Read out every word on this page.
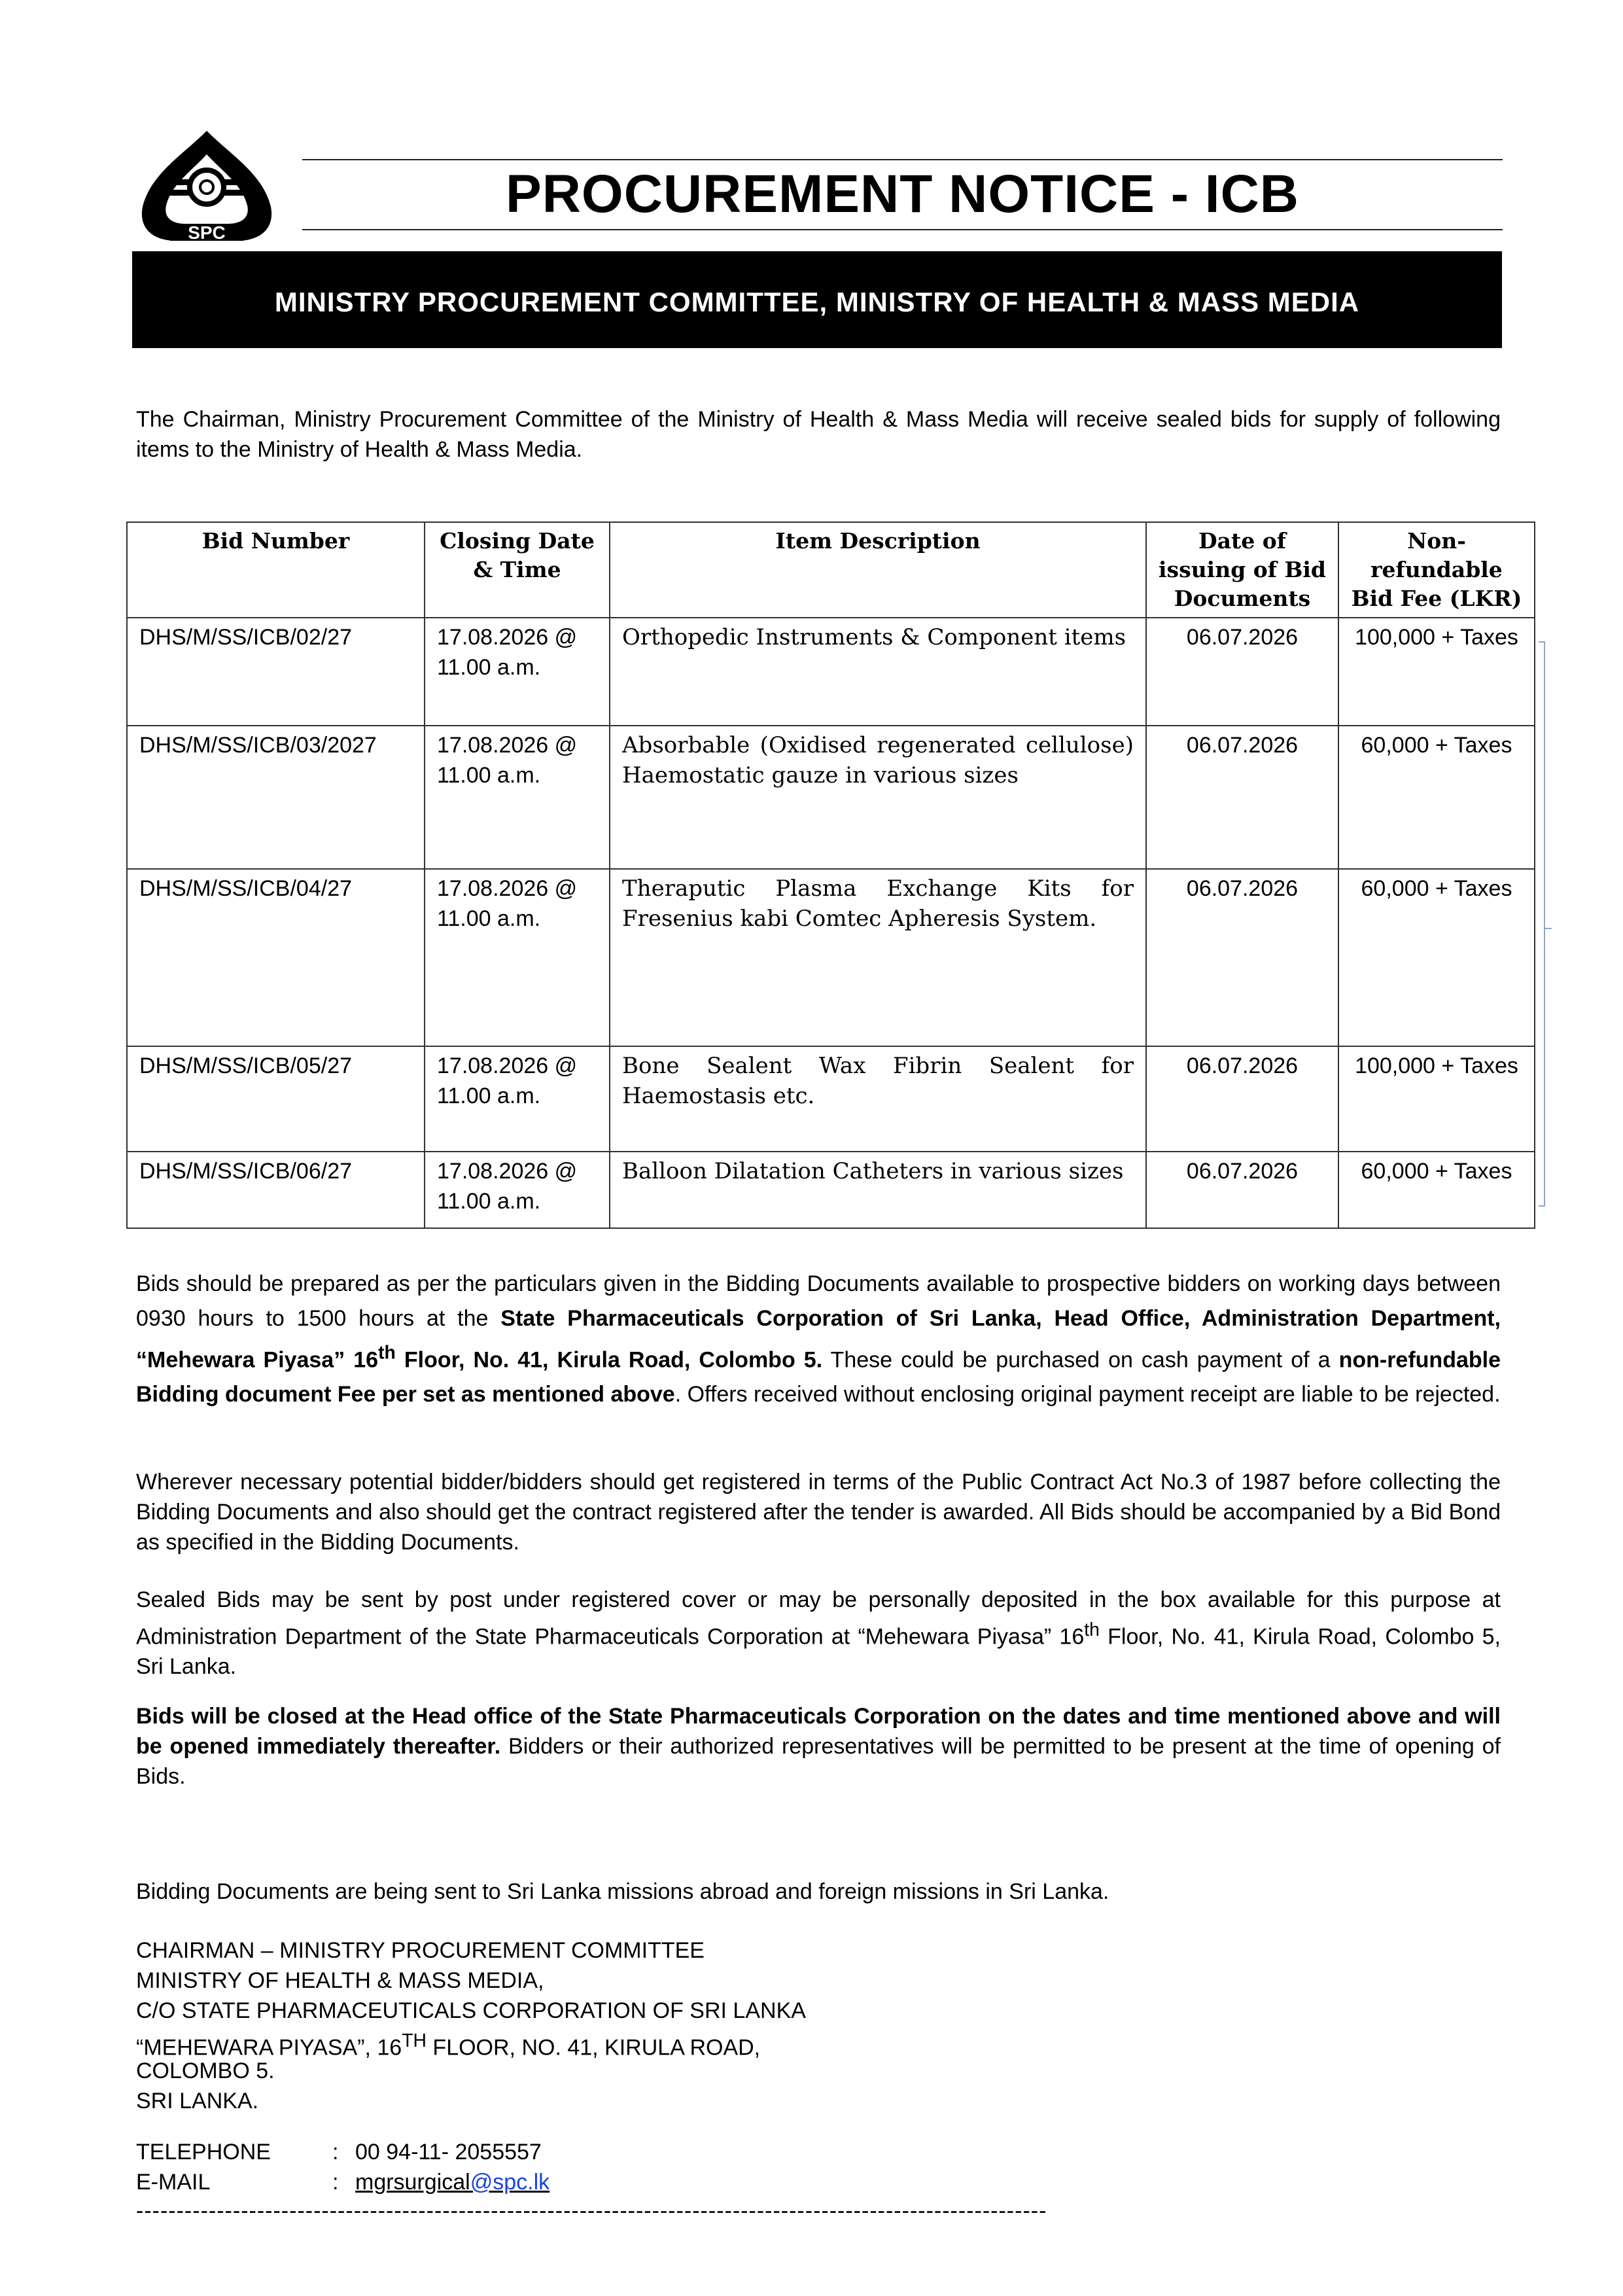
SPC
PROCUREMENT NOTICE - ICB
MINISTRY PROCUREMENT COMMITTEE, MINISTRY OF HEALTH & MASS MEDIA
The Chairman, Ministry Procurement Committee of the Ministry of Health & Mass Media will receive sealed bids for supply of following items to the Ministry of Health & Mass Media.
Bid Number	Closing Date & Time	Item Description	Date of issuing of Bid Documents	Non-refundable Bid Fee (LKR)
DHS/M/SS/ICB/02/27	17.08.2026 @ 11.00 a.m.	Orthopedic Instruments & Component items	06.07.2026	100,000 + Taxes
DHS/M/SS/ICB/03/2027	17.08.2026 @ 11.00 a.m.	Absorbable (Oxidised regenerated cellulose) Haemostatic gauze in various sizes	06.07.2026	60,000 + Taxes
DHS/M/SS/ICB/04/27	17.08.2026 @ 11.00 a.m.	Theraputic Plasma Exchange Kits for Fresenius kabi Comtec Apheresis System.	06.07.2026	60,000 + Taxes
DHS/M/SS/ICB/05/27	17.08.2026 @ 11.00 a.m.	Bone Sealent Wax Fibrin Sealent for Haemostasis etc.	06.07.2026	100,000 + Taxes
DHS/M/SS/ICB/06/27	17.08.2026 @ 11.00 a.m.	Balloon Dilatation Catheters in various sizes	06.07.2026	60,000 + Taxes
Bids should be prepared as per the particulars given in the Bidding Documents available to prospective bidders on working days between 0930 hours to 1500 hours at the State Pharmaceuticals Corporation of Sri Lanka, Head Office, Administration Department, “Mehewara Piyasa” 16th Floor, No. 41, Kirula Road, Colombo 5. These could be purchased on cash payment of a non-refundable Bidding document Fee per set as mentioned above. Offers received without enclosing original payment receipt are liable to be rejected.
Wherever necessary potential bidder/bidders should get registered in terms of the Public Contract Act No.3 of 1987 before collecting the Bidding Documents and also should get the contract registered after the tender is awarded. All Bids should be accompanied by a Bid Bond as specified in the Bidding Documents.
Sealed Bids may be sent by post under registered cover or may be personally deposited in the box available for this purpose at Administration Department of the State Pharmaceuticals Corporation at “Mehewara Piyasa” 16th Floor, No. 41, Kirula Road, Colombo 5, Sri Lanka.
Bids will be closed at the Head office of the State Pharmaceuticals Corporation on the dates and time mentioned above and will be opened immediately thereafter. Bidders or their authorized representatives will be permitted to be present at the time of opening of Bids.
Bidding Documents are being sent to Sri Lanka missions abroad and foreign missions in Sri Lanka.
CHAIRMAN – MINISTRY PROCUREMENT COMMITTEE
MINISTRY OF HEALTH & MASS MEDIA,
C/O STATE PHARMACEUTICALS CORPORATION OF SRI LANKA
“MEHEWARA PIYASA”, 16TH FLOOR, NO. 41, KIRULA ROAD,
COLOMBO 5.
SRI LANKA.
TELEPHONE	: 00 94-11- 2055557
E-MAIL	: mgrsurgical@spc.lk
-----------------------------------------------------------------------------------------------------------------
